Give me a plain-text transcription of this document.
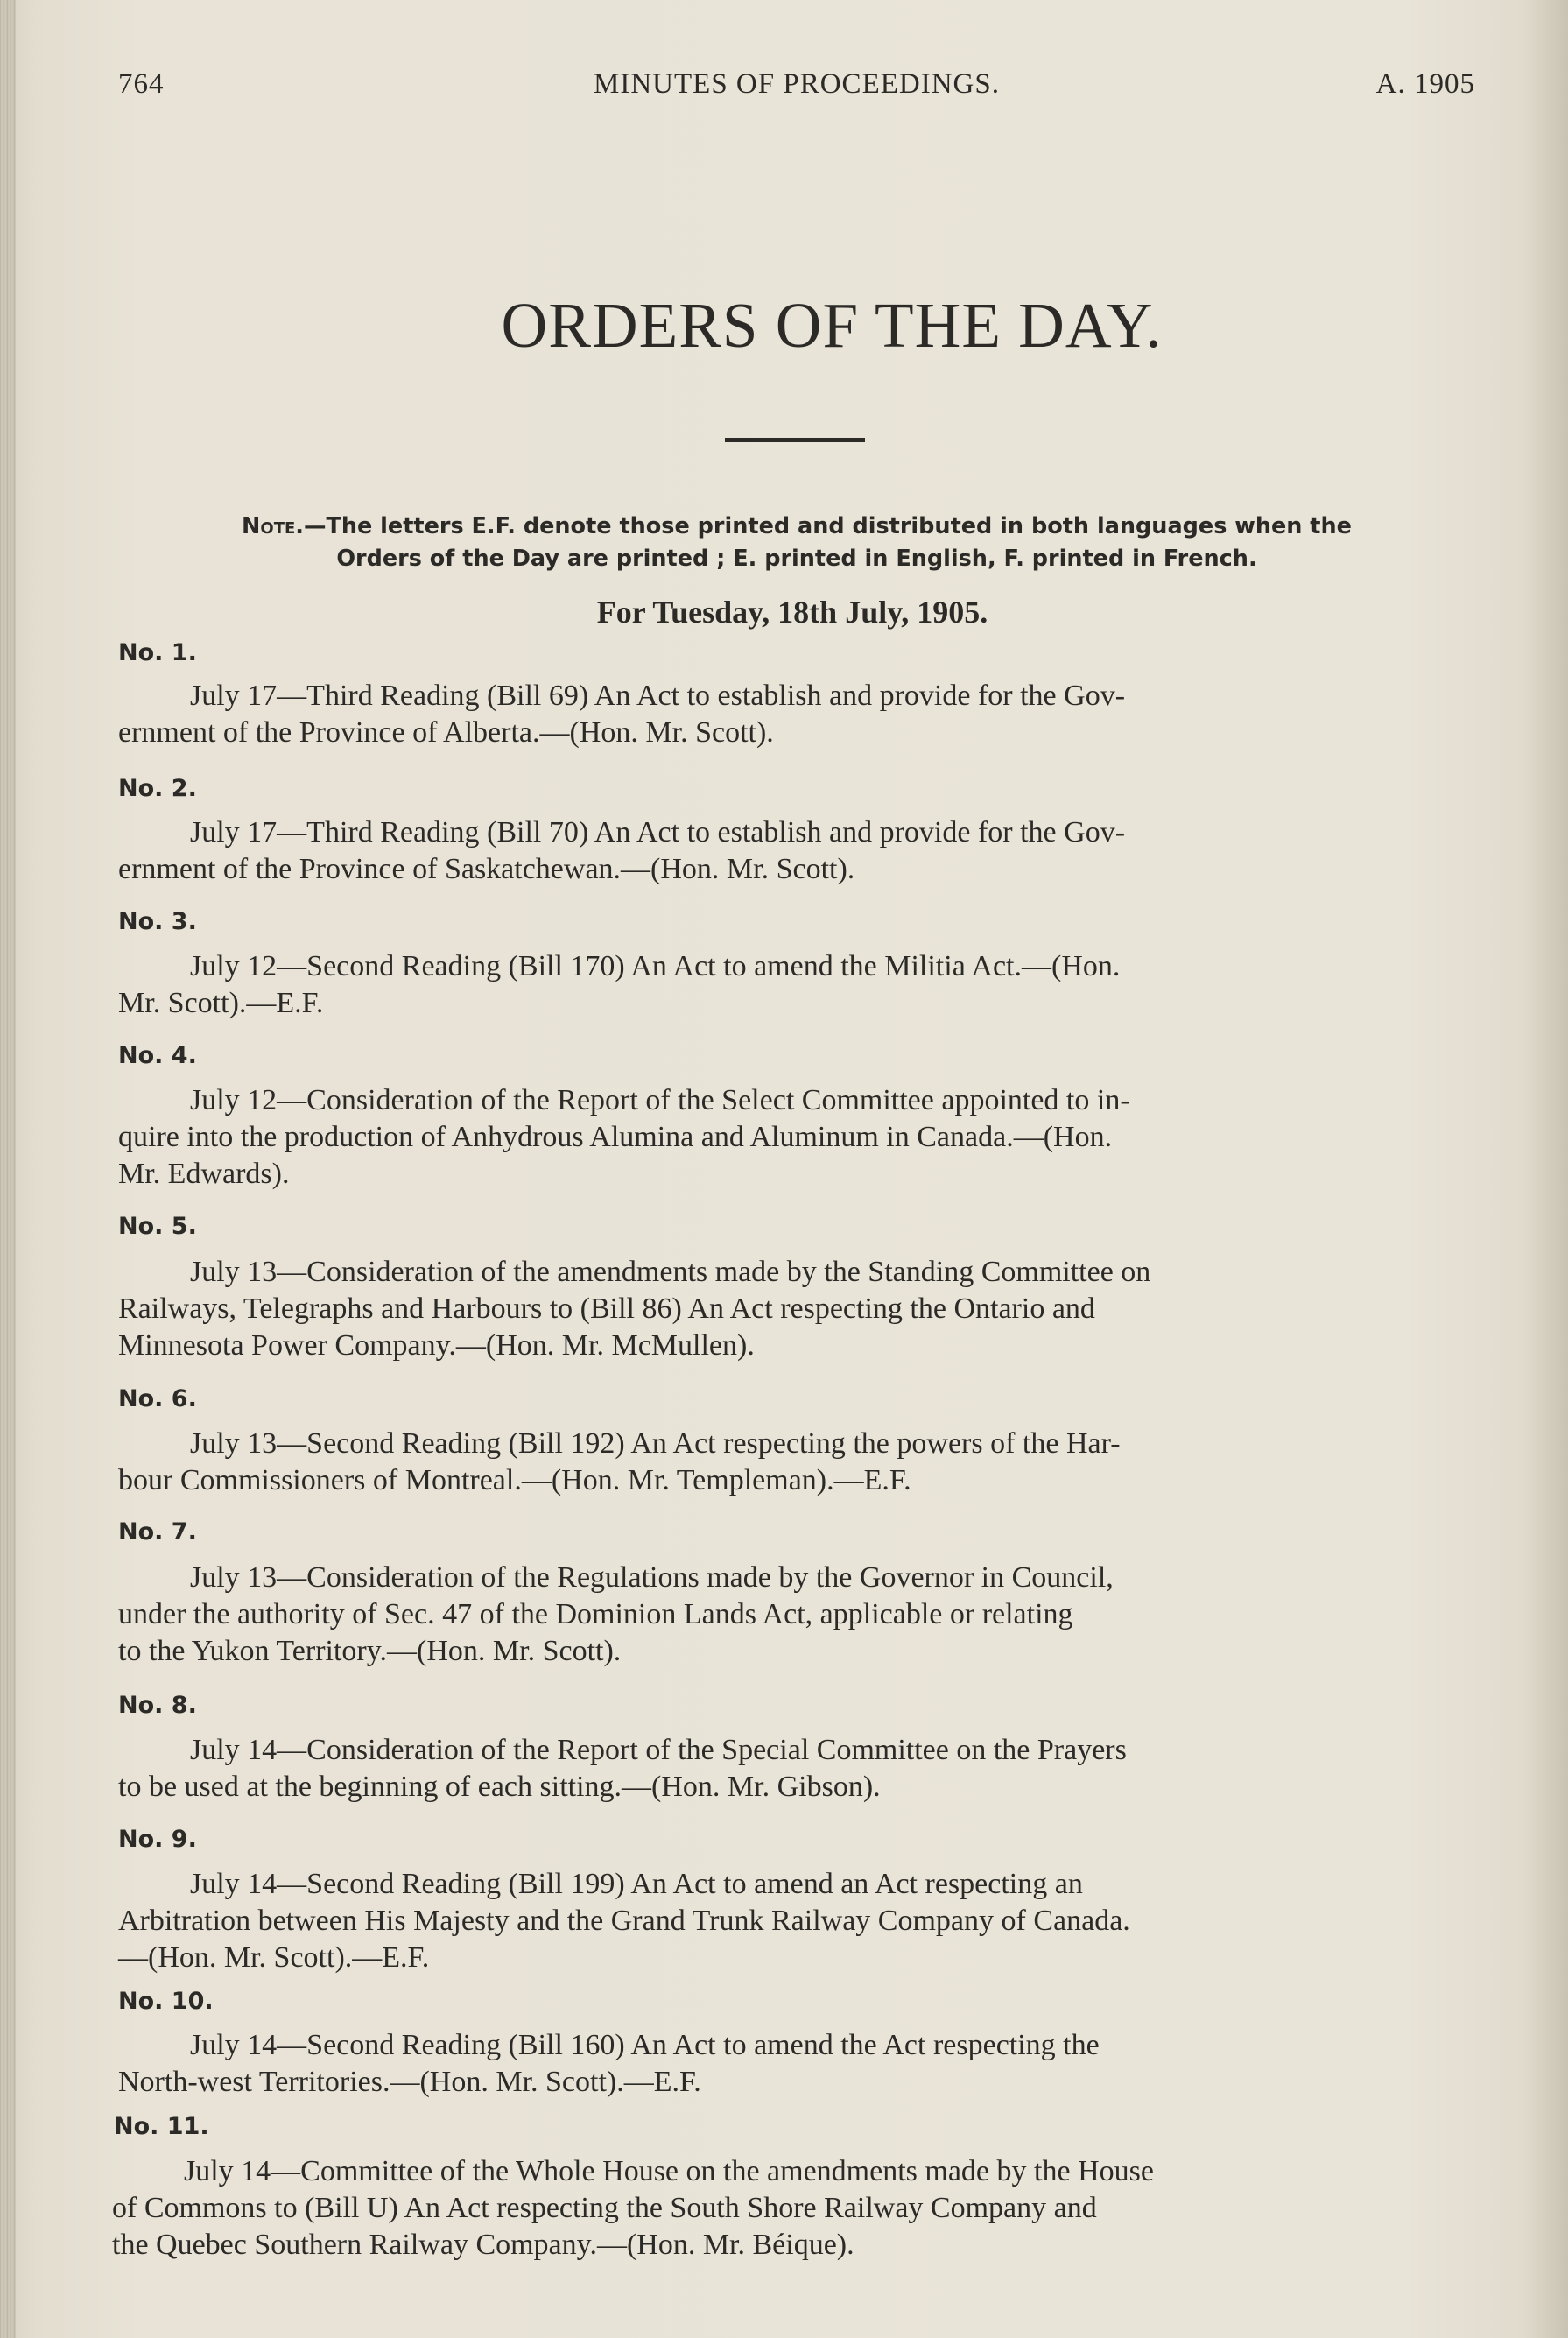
764	MINUTES OF PROCEEDINGS.	A. 1905
ORDERS OF THE DAY.
Note.—The letters E.F. denote those printed and distributed in both languages when the
Orders of the Day are printed ; E. printed in English, F. printed in French.
For Tuesday, 18th July, 1905.
No. 1.
July 17—Third Reading (Bill 69) An Act to establish and provide for the Gov-
ernment of the Province of Alberta.—(Hon. Mr. Scott).
No. 2.
July 17—Third Reading (Bill 70) An Act to establish and provide for the Gov-
ernment of the Province of Saskatchewan.—(Hon. Mr. Scott).
No. 3.
July 12—Second Reading (Bill 170) An Act to amend the Militia Act.—(Hon.
Mr. Scott).—E.F.
No. 4.
July 12—Consideration of the Report of the Select Committee appointed to in-
quire into the production of Anhydrous Alumina and Aluminum in Canada.—(Hon.
Mr. Edwards).
No. 5.
July 13—Consideration of the amendments made by the Standing Committee on
Railways, Telegraphs and Harbours to (Bill 86) An Act respecting the Ontario and
Minnesota Power Company.—(Hon. Mr. McMullen).
No. 6.
July 13—Second Reading (Bill 192) An Act respecting the powers of the Har-
bour Commissioners of Montreal.—(Hon. Mr. Templeman).—E.F.
No. 7.
July 13—Consideration of the Regulations made by the Governor in Council,
under the authority of Sec. 47 of the Dominion Lands Act, applicable or relating
to the Yukon Territory.—(Hon. Mr. Scott).
No. 8.
July 14—Consideration of the Report of the Special Committee on the Prayers
to be used at the beginning of each sitting.—(Hon. Mr. Gibson).
No. 9.
July 14—Second Reading (Bill 199) An Act to amend an Act respecting an
Arbitration between His Majesty and the Grand Trunk Railway Company of Canada.
—(Hon. Mr. Scott).—E.F.
No. 10.
July 14—Second Reading (Bill 160) An Act to amend the Act respecting the
North-west Territories.—(Hon. Mr. Scott).—E.F.
No. 11.
July 14—Committee of the Whole House on the amendments made by the House
of Commons to (Bill U) An Act respecting the South Shore Railway Company and
the Quebec Southern Railway Company.—(Hon. Mr. Béique).
